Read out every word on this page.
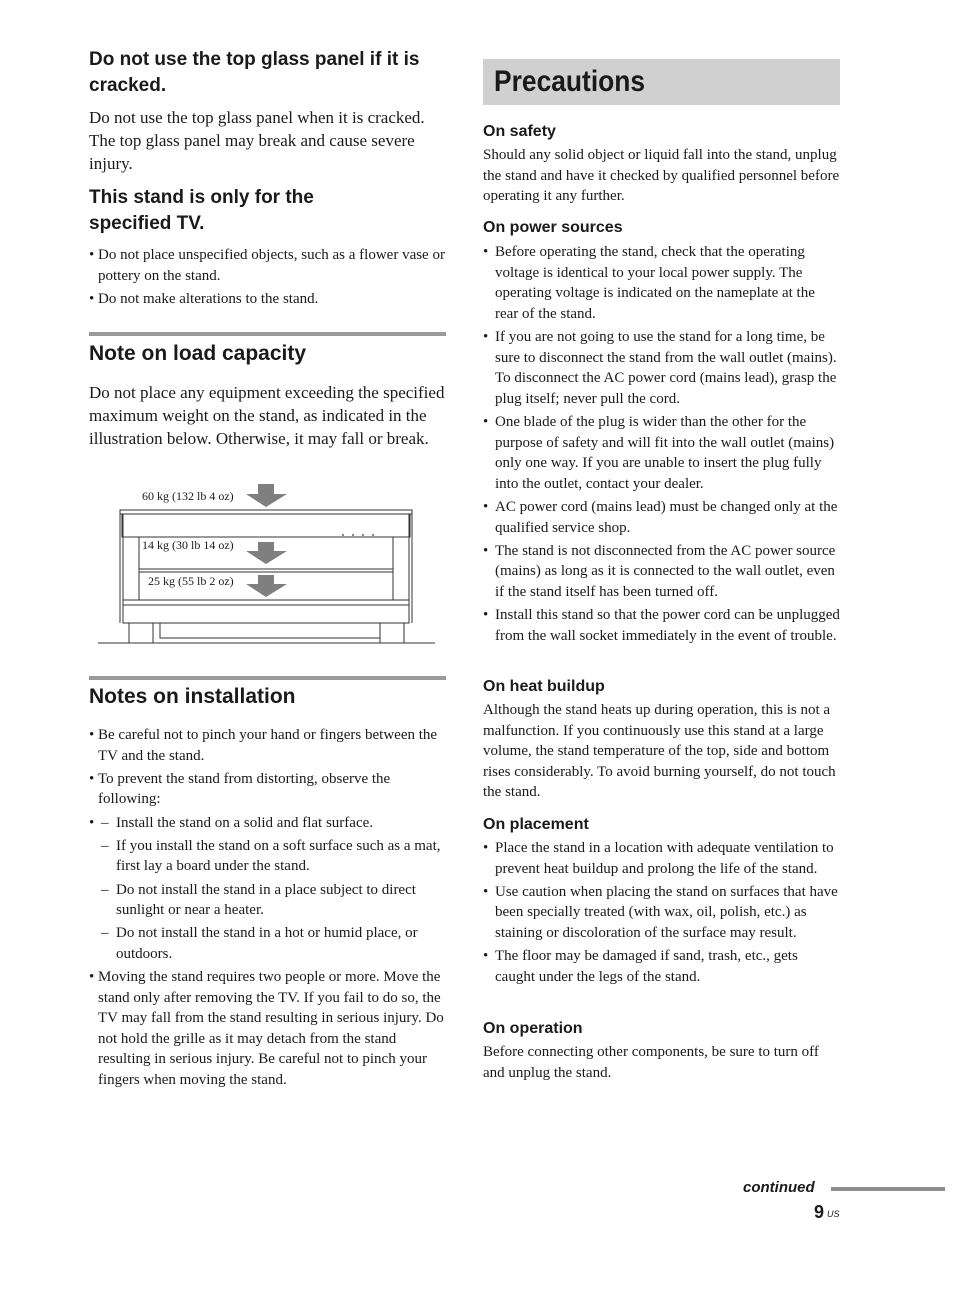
Do not use the top glass panel if it is cracked.

Do not use the top glass panel when it is cracked. The top glass panel may break and cause severe injury.

This stand is only for the specified TV.
• Do not place unspecified objects, such as a flower vase or pottery on the stand.
• Do not make alterations to the stand.
Note on load capacity

Do not place any equipment exceeding the specified maximum weight on the stand, as indicated in the illustration below. Otherwise, it may fall or break.

60 kg (132 lb 4 oz)
14 kg (30 lb 14 oz)
25 kg (55 lb 2 oz)
Notes on installation
• Be careful not to pinch your hand or fingers between the TV and the stand.
• To prevent the stand from distorting, observe the following:
– • Install the stand on a solid and flat surface.
– If you install the stand on a soft surface such as a mat, first lay a board under the stand.
– Do not install the stand in a place subject to direct sunlight or near a heater.
– Do not install the stand in a hot or humid place, or outdoors.
• Moving the stand requires two people or more. Move the stand only after removing the TV. If you fail to do so, the TV may fall from the stand resulting in serious injury. Do not hold the grille as it may detach from the stand resulting in serious injury. Be careful not to pinch your fingers when moving the stand.
Precautions
On safety

Should any solid object or liquid fall into the stand, unplug the stand and have it checked by qualified personnel before operating it any further.

On power sources
• Before operating the stand, check that the operating voltage is identical to your local power supply. The operating voltage is indicated on the nameplate at the rear of the stand.
• If you are not going to use the stand for a long time, be sure to disconnect the stand from the wall outlet (mains). To disconnect the AC power cord (mains lead), grasp the plug itself; never pull the cord.
• One blade of the plug is wider than the other for the purpose of safety and will fit into the wall outlet (mains) only one way. If you are unable to insert the plug fully into the outlet, contact your dealer.
• AC power cord (mains lead) must be changed only at the qualified service shop.
• The stand is not disconnected from the AC power source (mains) as long as it is connected to the wall outlet, even if the stand itself has been turned off.
• Install this stand so that the power cord can be unplugged from the wall socket immediately in the event of trouble.
On heat buildup

Although the stand heats up during operation, this is not a malfunction. If you continuously use this stand at a large volume, the stand temperature of the top, side and bottom rises considerably. To avoid burning yourself, do not touch the stand.

On placement
• Place the stand in a location with adequate ventilation to prevent heat buildup and prolong the life of the stand.
• Use caution when placing the stand on surfaces that have been specially treated (with wax, oil, polish, etc.) as staining or discoloration of the surface may result.
• The floor may be damaged if sand, trash, etc., gets caught under the legs of the stand.
On operation

Before connecting other components, be sure to turn off and unplug the stand.

continued
9 US
